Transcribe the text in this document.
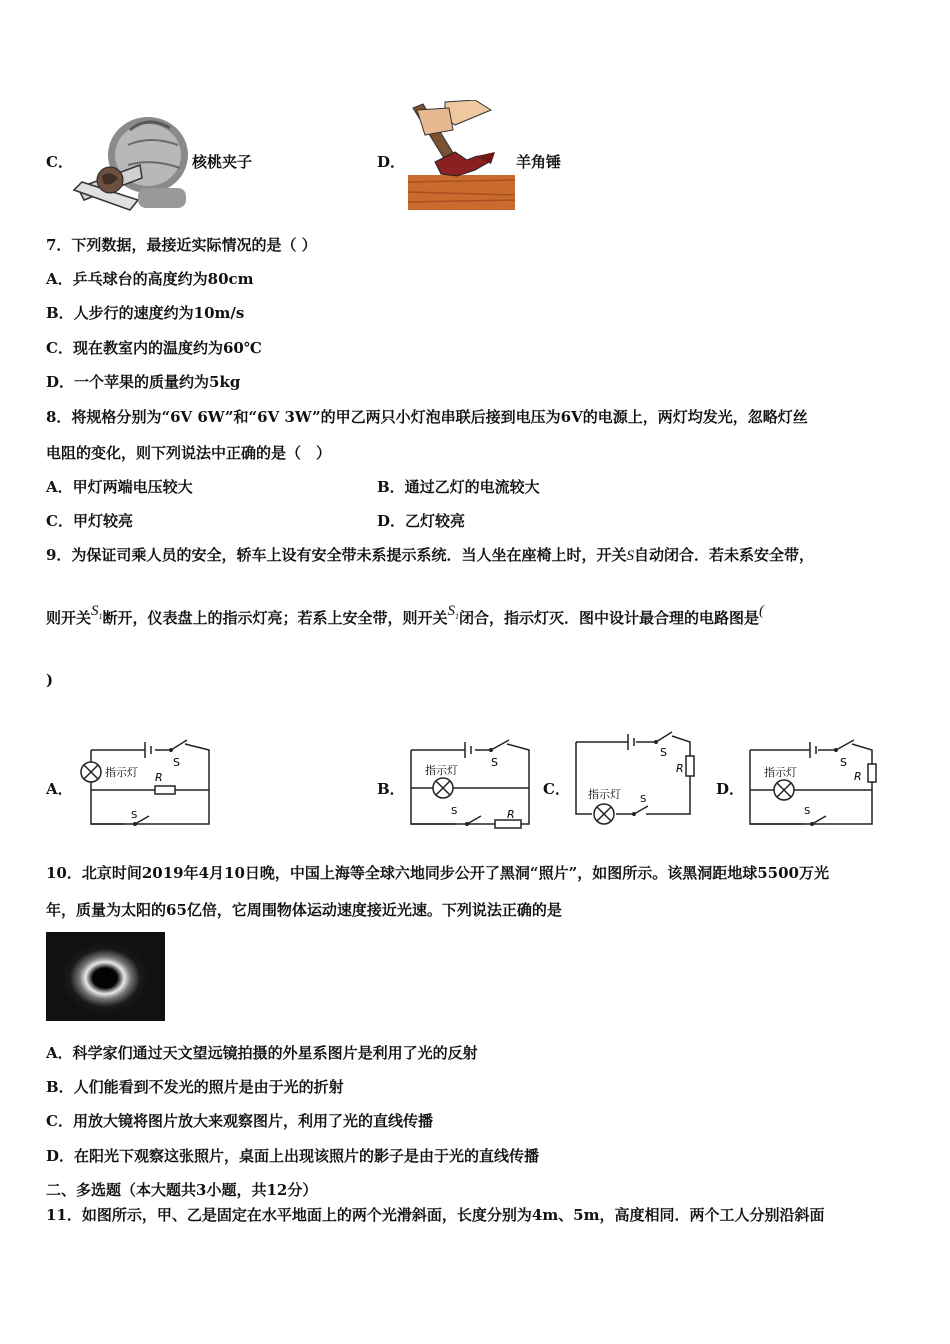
C．	核桃夹子	D．	羊角锤
7．下列数据，最接近实际情况的是（ ）
A．乒乓球台的高度约为80cm
B．人步行的速度约为10m/s
C．现在教室内的温度约为60℃
D．一个苹果的质量约为5kg
8．将规格分别为“6V 6W”和“6V 3W”的甲乙两只小灯泡串联后接到电压为6V的电源上，两灯均发光，忽略灯丝
电阻的变化，则下列说法中正确的是（　）
A．甲灯两端电压较大	B．通过乙灯的电流较大
C．甲灯较亮	D．乙灯较亮
9．为保证司乘人员的安全，轿车上设有安全带未系提示系统．当人坐在座椅上时，开关S自动闭合．若未系安全带，
则开关$S_1$断开，仪表盘上的指示灯亮；若系上安全带，则开关$S_1$闭合，指示灯灭．图中设计最合理的电路图是(
)
A．
指示灯
S
R
S
B．
指示灯
S
S	R
C． 指示灯
S
R
S
D．
指示灯
S
R
S
10．北京时间2019年4月10日晚，中国上海等全球六地同步公开了黑洞“照片”，如图所示。该黑洞距地球5500万光
年，质量为太阳的65亿倍，它周围物体运动速度接近光速。下列说法正确的是
A．科学家们通过天文望远镜拍摄的外星系图片是利用了光的反射
B．人们能看到不发光的照片是由于光的折射
C．用放大镜将图片放大来观察图片，利用了光的直线传播
D．在阳光下观察这张照片，桌面上出现该照片的影子是由于光的直线传播
二、多选题（本大题共3小题，共12分）
11．如图所示，甲、乙是固定在水平地面上的两个光滑斜面，长度分别为4m、5m，高度相同．两个工人分别沿斜面
